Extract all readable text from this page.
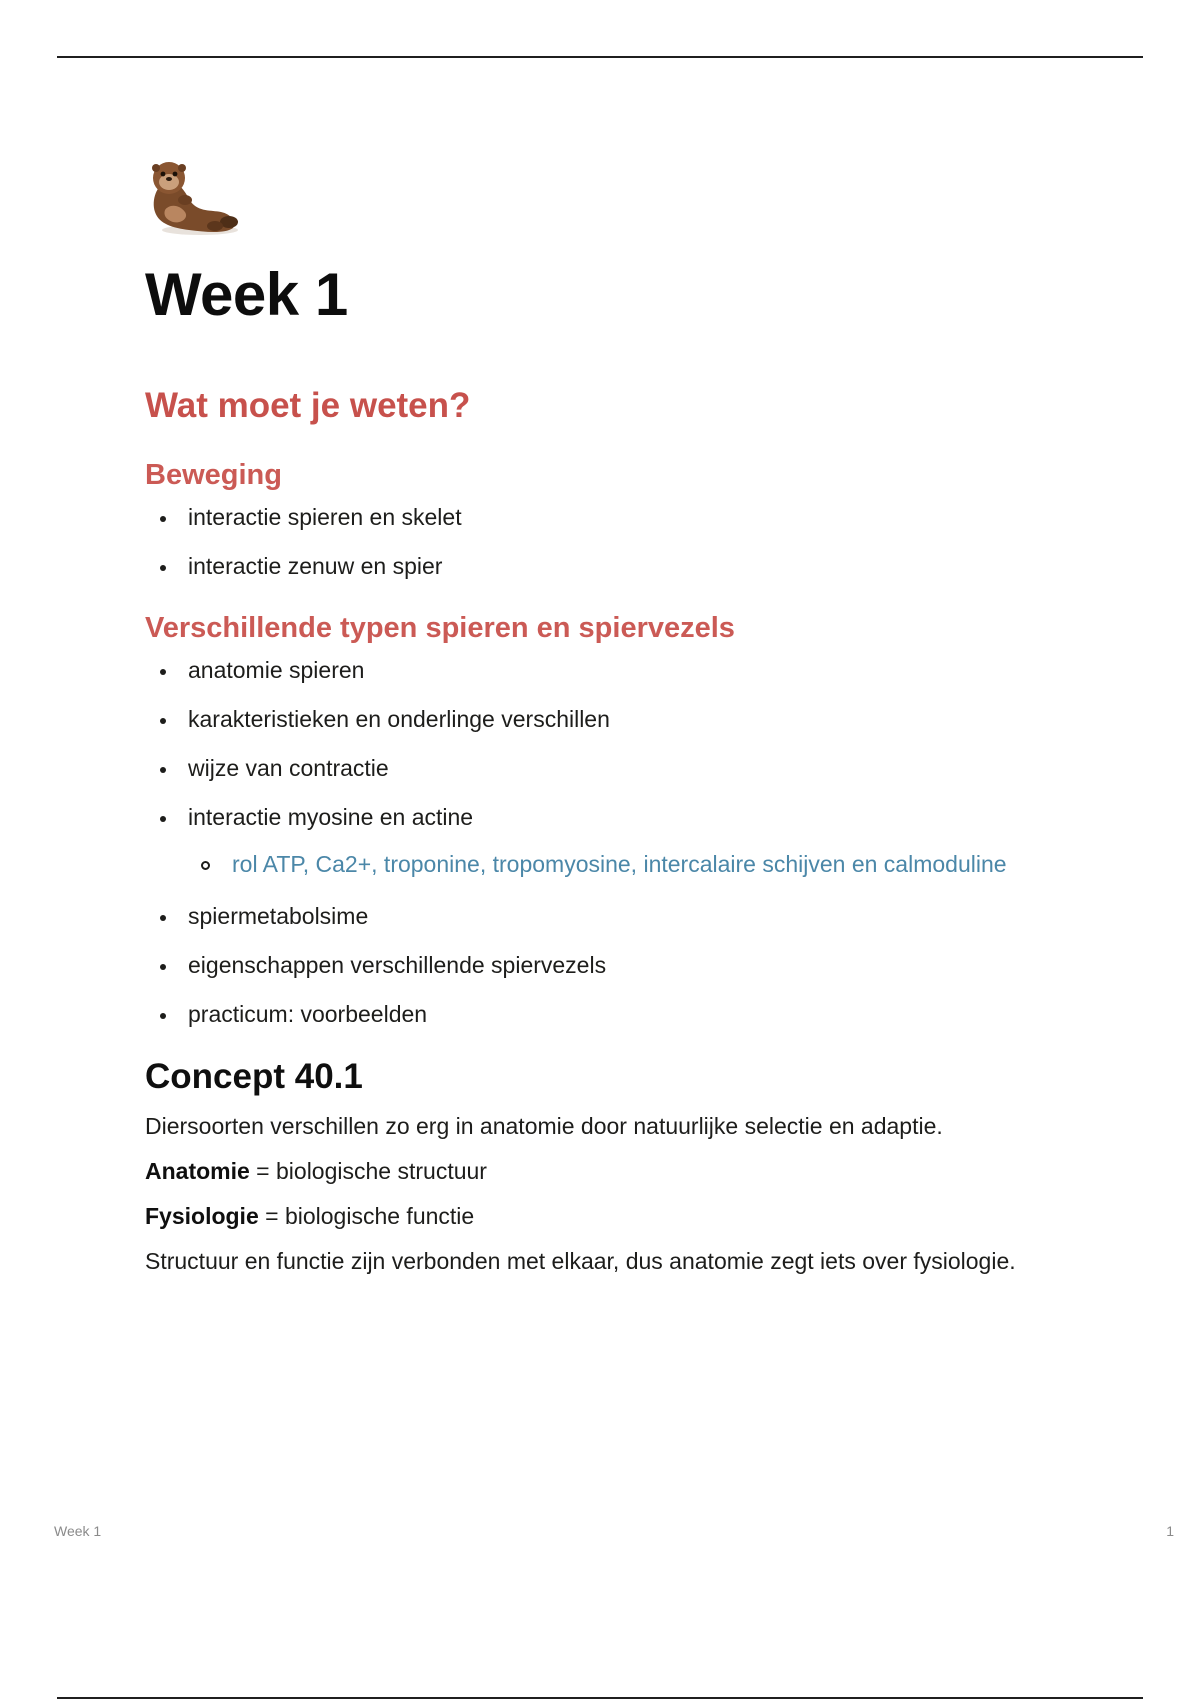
Week 1
Wat moet je weten?
Beweging
interactie spieren en skelet
interactie zenuw en spier
Verschillende typen spieren en spiervezels
anatomie spieren
karakteristieken en onderlinge verschillen
wijze van contractie
interactie myosine en actine
rol ATP, Ca2+, troponine, tropomyosine, intercalaire schijven en calmoduline
spiermetabolsime
eigenschappen verschillende spiervezels
practicum: voorbeelden
Concept 40.1

Diersoorten verschillen zo erg in anatomie door natuurlijke selectie en adaptie.

Anatomie = biologische structuur

Fysiologie = biologische functie

Structuur en functie zijn verbonden met elkaar, dus anatomie zegt iets over fysiologie.

Week 1	1
